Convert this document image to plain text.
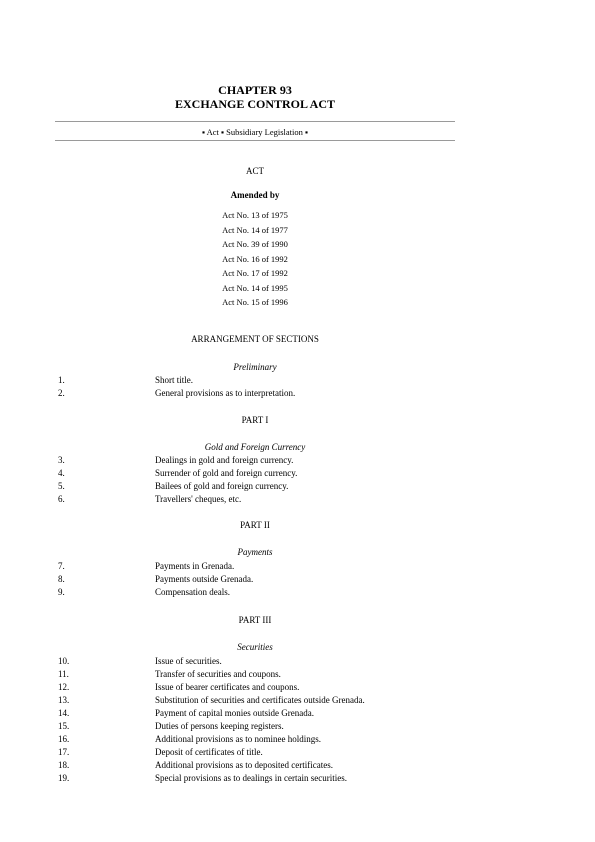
CHAPTER 93
EXCHANGE CONTROL ACT
▪ Act ▪ Subsidiary Legislation ▪
ACT
Amended by
Act No. 13 of 1975
Act No. 14 of 1977
Act No. 39 of 1990
Act No. 16 of 1992
Act No. 17 of 1992
Act No. 14 of 1995
Act No. 15 of 1996
ARRANGEMENT OF SECTIONS
Preliminary
1.	Short title.
2.	General provisions as to interpretation.
PART I
Gold and Foreign Currency
3.	Dealings in gold and foreign currency.
4.	Surrender of gold and foreign currency.
5.	Bailees of gold and foreign currency.
6.	Travellers' cheques, etc.
PART II
Payments
7.	Payments in Grenada.
8.	Payments outside Grenada.
9.	Compensation deals.
PART III
Securities
10.	Issue of securities.
11.	Transfer of securities and coupons.
12.	Issue of bearer certificates and coupons.
13.	Substitution of securities and certificates outside Grenada.
14.	Payment of capital monies outside Grenada.
15.	Duties of persons keeping registers.
16.	Additional provisions as to nominee holdings.
17.	Deposit of certificates of title.
18.	Additional provisions as to deposited certificates.
19.	Special provisions as to dealings in certain securities.
